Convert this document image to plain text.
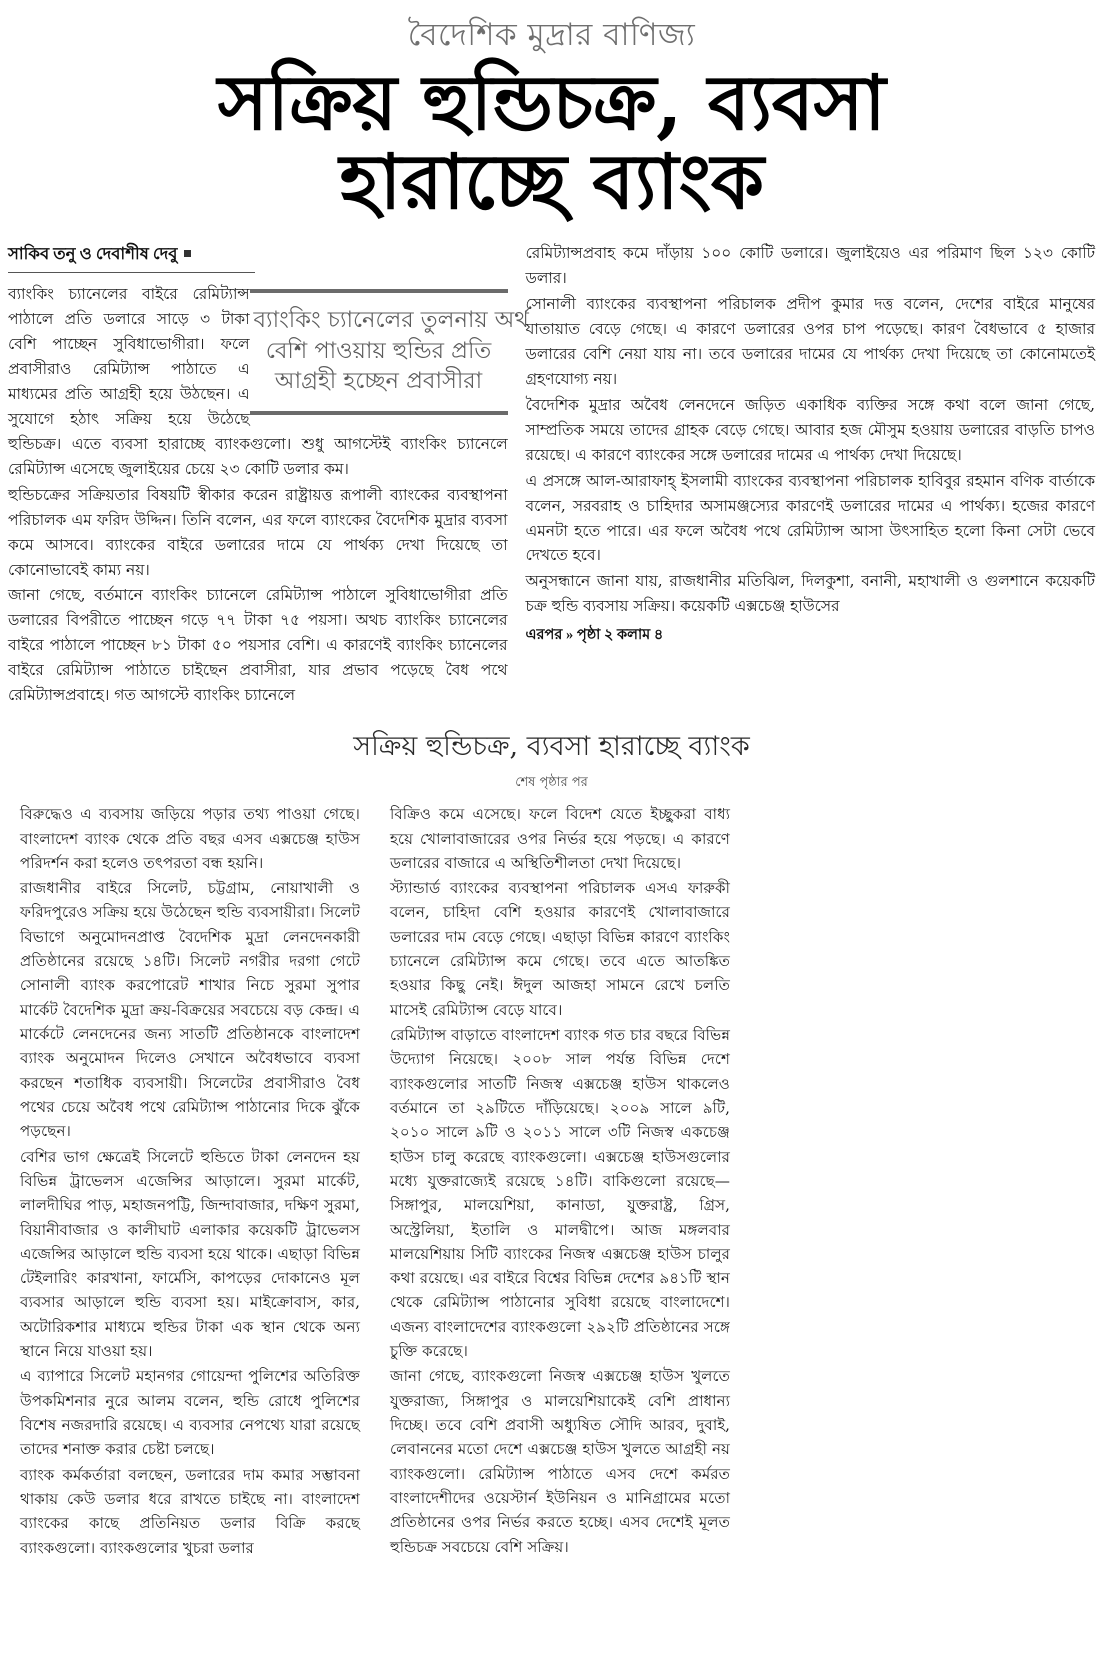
বৈদেশিক মুদ্রার বাণিজ্য
সক্রিয় হুন্ডিচক্র, ব্যবসা
হারাচ্ছে ব্যাংক
সাকিব তনু ও দেবাশীষ দেবু
ব্যাংকিং চ্যানেলের তুলনায় অর্থ
বেশি পাওয়ায় হুন্ডির প্রতি
আগ্রহী হচ্ছেন প্রবাসীরা

ব্যাংকিং চ্যানেলের বাইরে রেমিট্যান্স পাঠালে প্রতি ডলারে সাড়ে ৩ টাকা বেশি পাচ্ছেন সুবিধাভোগীরা। ফলে প্রবাসীরাও রেমিট্যান্স পাঠাতে এ মাধ্যমের প্রতি আগ্রহী হয়ে উঠছেন। এ সুযোগে হঠাৎ সক্রিয় হয়ে উঠেছে হুন্ডিচক্র। এতে ব্যবসা হারাচ্ছে ব্যাংকগুলো। শুধু আগস্টেই ব্যাংকিং চ্যানেলে রেমিট্যান্স এসেছে জুলাইয়ের চেয়ে ২৩ কোটি ডলার কম।

হুন্ডিচক্রের সক্রিয়তার বিষয়টি স্বীকার করেন রাষ্ট্রায়ত্ত রূপালী ব্যাংকের ব্যবস্থাপনা পরিচালক এম ফরিদ উদ্দিন। তিনি বলেন, এর ফলে ব্যাংকের বৈদেশিক মুদ্রার ব্যবসা কমে আসবে। ব্যাংকের বাইরে ডলারের দামে যে পার্থক্য দেখা দিয়েছে তা কোনোভাবেই কাম্য নয়।

জানা গেছে, বর্তমানে ব্যাংকিং চ্যানেলে রেমিট্যান্স পাঠালে সুবিধাভোগীরা প্রতি ডলারের বিপরীতে পাচ্ছেন গড়ে ৭৭ টাকা ৭৫ পয়সা। অথচ ব্যাংকিং চ্যানেলের বাইরে পাঠালে পাচ্ছেন ৮১ টাকা ৫০ পয়সার বেশি। এ কারণেই ব্যাংকিং চ্যানেলের বাইরে রেমিট্যান্স পাঠাতে চাইছেন প্রবাসীরা, যার প্রভাব পড়েছে বৈধ পথে রেমিট্যান্সপ্রবাহে। গত আগস্টে ব্যাংকিং চ্যানেলে

রেমিট্যান্সপ্রবাহ কমে দাঁড়ায় ১০০ কোটি ডলারে। জুলাইয়েও এর পরিমাণ ছিল ১২৩ কোটি ডলার।

সোনালী ব্যাংকের ব্যবস্থাপনা পরিচালক প্রদীপ কুমার দত্ত বলেন, দেশের বাইরে মানুষের যাতায়াত বেড়ে গেছে। এ কারণে ডলারের ওপর চাপ পড়েছে। কারণ বৈধভাবে ৫ হাজার ডলারের বেশি নেয়া যায় না। তবে ডলারের দামের যে পার্থক্য দেখা দিয়েছে তা কোনোমতেই গ্রহণযোগ্য নয়।

বৈদেশিক মুদ্রার অবৈধ লেনদেনে জড়িত একাধিক ব্যক্তির সঙ্গে কথা বলে জানা গেছে, সাম্প্রতিক সময়ে তাদের গ্রাহক বেড়ে গেছে। আবার হজ মৌসুম হওয়ায় ডলারের বাড়তি চাপও রয়েছে। এ কারণে ব্যাংকের সঙ্গে ডলারের দামের এ পার্থক্য দেখা দিয়েছে।

এ প্রসঙ্গে আল-আরাফাহ্ ইসলামী ব্যাংকের ব্যবস্থাপনা পরিচালক হাবিবুর রহমান বণিক বার্তাকে বলেন, সরবরাহ ও চাহিদার অসামঞ্জস্যের কারণেই ডলারের দামের এ পার্থক্য। হজের কারণে এমনটা হতে পারে। এর ফলে অবৈধ পথে রেমিট্যান্স আসা উৎসাহিত হলো কিনা সেটা ভেবে দেখতে হবে।

অনুসন্ধানে জানা যায়, রাজধানীর মতিঝিল, দিলকুশা, বনানী, মহাখালী ও গুলশানে কয়েকটি চক্র হুন্ডি ব্যবসায় সক্রিয়। কয়েকটি এক্সচেঞ্জ হাউসের

এরপর » পৃষ্ঠা ২ কলাম ৪
সক্রিয় হুন্ডিচক্র, ব্যবসা হারাচ্ছে ব্যাংক
শেষ পৃষ্ঠার পর

বিরুদ্ধেও এ ব্যবসায় জড়িয়ে পড়ার তথ্য পাওয়া গেছে। বাংলাদেশ ব্যাংক থেকে প্রতি বছর এসব এক্সচেঞ্জ হাউস পরিদর্শন করা হলেও তৎপরতা বন্ধ হয়নি।

রাজধানীর বাইরে সিলেট, চট্টগ্রাম, নোয়াখালী ও ফরিদপুরেও সক্রিয় হয়ে উঠেছেন হুন্ডি ব্যবসায়ীরা। সিলেট বিভাগে অনুমোদনপ্রাপ্ত বৈদেশিক মুদ্রা লেনদেনকারী প্রতিষ্ঠানের রয়েছে ১৪টি। সিলেট নগরীর দরগা গেটে সোনালী ব্যাংক করপোরেট শাখার নিচে সুরমা সুপার মার্কেট বৈদেশিক মুদ্রা ক্রয়-বিক্রয়ের সবচেয়ে বড় কেন্দ্র। এ মার্কেটে লেনদেনের জন্য সাতটি প্রতিষ্ঠানকে বাংলাদেশ ব্যাংক অনুমোদন দিলেও সেখানে অবৈধভাবে ব্যবসা করছেন শতাধিক ব্যবসায়ী। সিলেটের প্রবাসীরাও বৈধ পথের চেয়ে অবৈধ পথে রেমিট্যান্স পাঠানোর দিকে ঝুঁকে পড়ছেন।

বেশির ভাগ ক্ষেত্রেই সিলেটে হুন্ডিতে টাকা লেনদেন হয় বিভিন্ন ট্রাভেলস এজেন্সির আড়ালে। সুরমা মার্কেট, লালদীঘির পাড়, মহাজনপট্টি, জিন্দাবাজার, দক্ষিণ সুরমা, বিয়ানীবাজার ও কালীঘাট এলাকার কয়েকটি ট্রাভেলস এজেন্সির আড়ালে হুন্ডি ব্যবসা হয়ে থাকে। এছাড়া বিভিন্ন টেইলারিং কারখানা, ফার্মেসি, কাপড়ের দোকানেও মূল ব্যবসার আড়ালে হুন্ডি ব্যবসা হয়। মাইক্রোবাস, কার, অটোরিকশার মাধ্যমে হুন্ডির টাকা এক স্থান থেকে অন্য স্থানে নিয়ে যাওয়া হয়।

এ ব্যাপারে সিলেট মহানগর গোয়েন্দা পুলিশের অতিরিক্ত উপকমিশনার নুরে আলম বলেন, হুন্ডি রোধে পুলিশের বিশেষ নজরদারি রয়েছে। এ ব্যবসার নেপথ্যে যারা রয়েছে তাদের শনাক্ত করার চেষ্টা চলছে।

ব্যাংক কর্মকর্তারা বলছেন, ডলারের দাম কমার সম্ভাবনা থাকায় কেউ ডলার ধরে রাখতে চাইছে না। বাংলাদেশ ব্যাংকের কাছে প্রতিনিয়ত ডলার বিক্রি করছে ব্যাংকগুলো। ব্যাংকগুলোর খুচরা ডলার

বিক্রিও কমে এসেছে। ফলে বিদেশ যেতে ইচ্ছুকরা বাধ্য হয়ে খোলাবাজারের ওপর নির্ভর হয়ে পড়ছে। এ কারণে ডলারের বাজারে এ অস্থিতিশীলতা দেখা দিয়েছে।

স্ট্যান্ডার্ড ব্যাংকের ব্যবস্থাপনা পরিচালক এসএ ফারুকী বলেন, চাহিদা বেশি হওয়ার কারণেই খোলাবাজারে ডলারের দাম বেড়ে গেছে। এছাড়া বিভিন্ন কারণে ব্যাংকিং চ্যানেলে রেমিট্যান্স কমে গেছে। তবে এতে আতঙ্কিত হওয়ার কিছু নেই। ঈদুল আজহা সামনে রেখে চলতি মাসেই রেমিট্যান্স বেড়ে যাবে।

রেমিট্যান্স বাড়াতে বাংলাদেশ ব্যাংক গত চার বছরে বিভিন্ন উদ্যোগ নিয়েছে। ২০০৮ সাল পর্যন্ত বিভিন্ন দেশে ব্যাংকগুলোর সাতটি নিজস্ব এক্সচেঞ্জ হাউস থাকলেও বর্তমানে তা ২৯টিতে দাঁড়িয়েছে। ২০০৯ সালে ৯টি, ২০১০ সালে ৯টি ও ২০১১ সালে ৩টি নিজস্ব একচেঞ্জ হাউস চালু করেছে ব্যাংকগুলো। এক্সচেঞ্জ হাউসগুলোর মধ্যে যুক্তরাজ্যেই রয়েছে ১৪টি। বাকিগুলো রয়েছে— সিঙ্গাপুর, মালয়েশিয়া, কানাডা, যুক্তরাষ্ট্র, গ্রিস, অস্ট্রেলিয়া, ইতালি ও মালদ্বীপে। আজ মঙ্গলবার মালয়েশিয়ায় সিটি ব্যাংকের নিজস্ব এক্সচেঞ্জ হাউস চালুর কথা রয়েছে। এর বাইরে বিশ্বের বিভিন্ন দেশের ৯৪১টি স্থান থেকে রেমিট্যান্স পাঠানোর সুবিধা রয়েছে বাংলাদেশে। এজন্য বাংলাদেশের ব্যাংকগুলো ২৯২টি প্রতিষ্ঠানের সঙ্গে চুক্তি করেছে।

জানা গেছে, ব্যাংকগুলো নিজস্ব এক্সচেঞ্জ হাউস খুলতে যুক্তরাজ্য, সিঙ্গাপুর ও মালয়েশিয়াকেই বেশি প্রাধান্য দিচ্ছে। তবে বেশি প্রবাসী অধ্যুষিত সৌদি আরব, দুবাই, লেবাননের মতো দেশে এক্সচেঞ্জ হাউস খুলতে আগ্রহী নয় ব্যাংকগুলো। রেমিট্যান্স পাঠাতে এসব দেশে কর্মরত বাংলাদেশীদের ওয়েস্টার্ন ইউনিয়ন ও মানিগ্রামের মতো প্রতিষ্ঠানের ওপর নির্ভর করতে হচ্ছে। এসব দেশেই মূলত হুন্ডিচক্র সবচেয়ে বেশি সক্রিয়।
